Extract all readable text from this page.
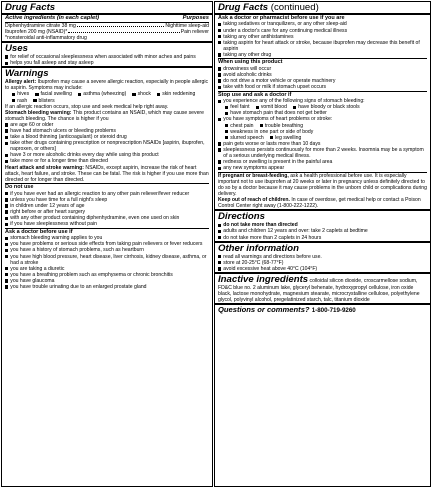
Drug Facts
Active ingredients (in each caplet)	Purposes
Diphenhydramine citrate 38 mg	Nighttime sleep-aid
Ibuprofen 200 mg (NSAID)*	Pain reliever
*nonsteroidal anti-inflammatory drug
Uses
for relief of occasional sleeplessness when associated with minor aches and pains
helps you fall asleep and stay asleep
Warnings
Allergy alert: Ibuprofen may cause a severe allergic reaction, especially in people allergic to aspirin. Symptoms may include:
hives facial swelling asthma (wheezing) shock skin reddening
rash blisters
If an allergic reaction occurs, stop use and seek medical help right away.
Stomach bleeding warning: This product contains an NSAID, which may cause severe stomach bleeding. The chance is higher if you
are age 60 or older
have had stomach ulcers or bleeding problems
take a blood thinning (anticoagulant) or steroid drug
take other drugs containing prescription or nonprescription NSAIDs [aspirin, ibuprofen, naproxen, or others]
have 3 or more alcoholic drinks every day while using this product
take more or for a longer time than directed
Heart attack and stroke warning: NSAIDs, except aspirin, increase the risk of heart attack, heart failure, and stroke. These can be fatal. The risk is higher if you use more than directed or for longer than directed.
Do not use
if you have ever had an allergic reaction to any other pain reliever/fever reducer
unless you have time for a full night's sleep
in children under 12 years of age
right before or after heart surgery
with any other product containing diphenhydramine, even one used on skin
if you have sleeplessness without pain
Ask a doctor before use if
stomach bleeding warning applies to you
you have problems or serious side effects from taking pain relievers or fever reducers
you have a history of stomach problems, such as heartburn
you have high blood pressure, heart disease, liver cirrhosis, kidney disease, asthma, or had a stroke
you are taking a diuretic
you have a breathing problem such as emphysema or chronic bronchitis
you have glaucoma
you have trouble urinating due to an enlarged prostate gland
Drug Facts (continued)
Ask a doctor or pharmacist before use if you are
taking sedatives or tranquilizers, or any other sleep-aid
under a doctor's care for any continuing medical illness
taking any other antihistamines
taking aspirin for heart attack or stroke, because ibuprofen may decrease this benefit of aspirin
taking any other drug
When using this product
drowsiness will occur
avoid alcoholic drinks
do not drive a motor vehicle or operate machinery
take with food or milk if stomach upset occurs
Stop use and ask a doctor if
you experience any of the following signs of stomach bleeding:
feel faint vomit blood have bloody or black stools
have stomach pain that does not get better
you have symptoms of heart problems or stroke:
chest pain trouble breathing
weakness in one part or side of body
slurred speech leg swelling
pain gets worse or lasts more than 10 days
sleeplessness persists continuously for more than 2 weeks. Insomnia may be a symptom of a serious underlying medical illness.
redness or swelling is present in the painful area
any new symptoms appear
If pregnant or breast-feeding, ask a health professional before use. It is especially important not to use ibuprofen at 20 weeks or later in pregnancy unless definitely directed to do so by a doctor because it may cause problems in the unborn child or complications during delivery.
Keep out of reach of children. In case of overdose, get medical help or contact a Poison Control Center right away (1-800-222-1222).
Directions
do not take more than directed
adults and children 12 years and over: take 2 caplets at bedtime
do not take more than 2 caplets in 24 hours
Other information
read all warnings and directions before use.
store at 20-25°C (68-77°F)
avoid excessive heat above 40°C (104°F)
Inactive ingredients colloidal silicon dioxide, croscarmellose sodium, FD&C blue no. 2 aluminum lake, glyceryl behenate, hydroxypropyl cellulose, iron oxide black, lactose monohydrate, magnesium stearate, microcrystalline cellulose, polyethylene glycol, polyvinyl alcohol, pregelatinized starch, talc, titanium dioxide
Questions or comments? 1-800-719-9260
